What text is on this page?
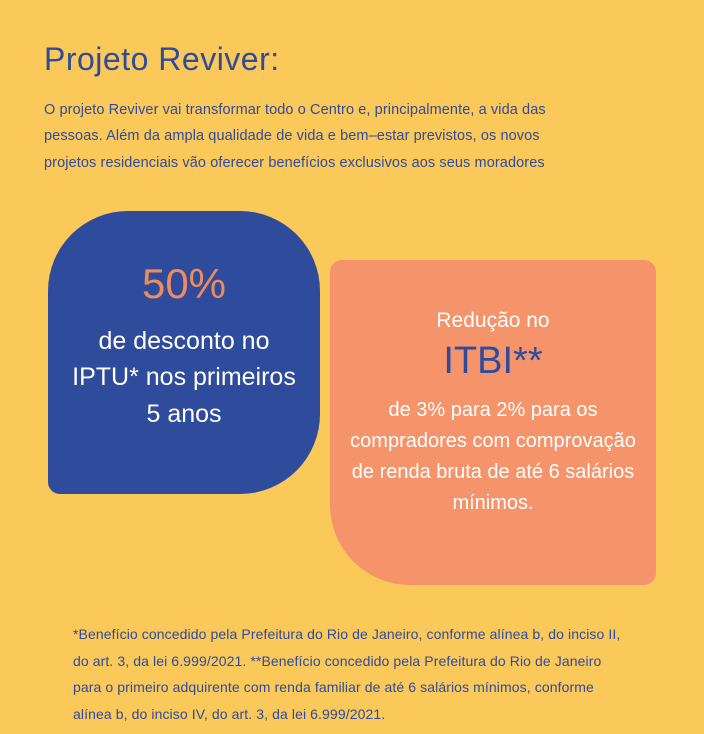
Projeto Reviver:

O projeto Reviver vai transformar todo o Centro e, principalmente, a vida das pessoas. Além da ampla qualidade de vida e bem–estar previstos, os novos projetos residenciais vão oferecer benefícios exclusivos aos seus moradores

50%
de desconto no IPTU* nos primeiros 5 anos
Redução no
ITBI**
de 3% para 2% para os compradores com comprovação de renda bruta de até 6 salários mínimos.

*Benefício concedido pela Prefeitura do Rio de Janeiro, conforme alínea b, do inciso II, do art. 3, da lei 6.999/2021. **Benefício concedido pela Prefeitura do Rio de Janeiro para o primeiro adquirente com renda familiar de até 6 salários mínimos, conforme alínea b, do inciso IV, do art. 3, da lei 6.999/2021.
